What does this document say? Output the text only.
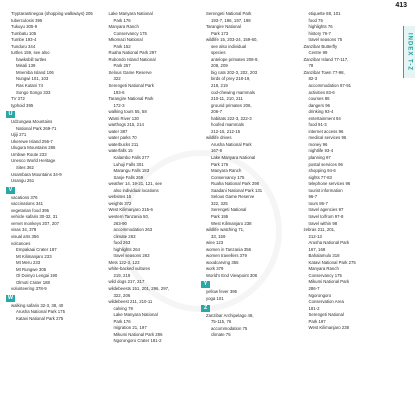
413
INDEX T-Z
Tryptarantinegoa (shopping walkways) 205
tuberculosis 395
Tukuyu 305-9
Tumbatu 105
Tumbe 193-4
Tunduru 344
turtles 159, see also
hawksbill turtles
Misali 139
Mnemba Island 106
Nungwi 101, 103
Ras Kutani 74
Songo Songo 333
TV 372
typhoid 395
U
Udzungwa Mountains
National Park 269-71
Ujiji 271
Ukerewe Island 256-7
Ulugura Mountains 286
Umbwe Route 233
Unesco World Heritage
Sites 362
Usambara Mountains 34-9
Usangu 251
V
vacations 376
vaccinations 341
vegetarian food 395
vehicle safaris 30-32, 31
vervet monkeys 207, 207
visas 34, 378
visual arts 356
volcanoes
Empakaai Crater 187
Mt Kilimanjaro 233
Mt Meru 233
Mt Rungwe 305
Ol Doinyo Lengai 190
Olmoti Crater 188
volunteering 378-9
W
walking safaris 32-3, 38, 40
Arusha National Park 175
Katavi National Park 275
Lake Manyara National
Park 176
Manyara Ranch
Conservancy 175
Mkomazi National
Park 152
Ruaha National Park 297
Rubondo Island National
Park 257
Selous Game Reserve
322
Serengeti National Park
193-6
Tarangire National Park
172-3
walking tours 55, 58
Wami River 130
warthogs 215, 214
water 387
water parks 70
waterbucks 211
waterfalls 15
Kalambo Falls 277
Luhuji Falls 301
Marangu Falls 183
Sanje Falls 269
weather 14, 19-21, 121, see
also individual locations
websites 15
weights 372
West Kilimanjaro 215-6
western Tanzania 50,
263-90
accommodation 263
climate 263
food 263
highlights 264
travel seasons 263
Mets 122-3, 123
white-backed vultures
219, 219
wild dogs 217, 217
wildebeests 151, 201, 296, 297,
322, 206
wildebeest 211, 210-11
calving 79
Lake Manyara National
Park 176
migration 21, 197
Mikumi National Park 286
Ngorongoro Crater 181-2
Serengeti National Park
193-7, 196, 197, 198
Tarangire National
Park 173
wildlife 15, 203-24, 159-60,
see also individual
species
antelope primates 208-9,
208, 209
big cats 202-3, 202, 203
birds of prey 218-19,
218, 219
cud-chewing mammals
210-11, 210, 211
ground primates 206,
206-7
habitats 222-3, 222-3
hoofed mammals
212-15, 212-15
wildlife drives
Arusha National Park
167-8
Lake Manyara National
Park 176
Manyara Ranch
Conservancy 175
Ruaha National Park 298
Saadani National Park 131
Selous Game Reserve
322, 325
Serengeti National
Park 195
West Kilimanjaro 238
wildlife watching 71,
33, 159
wine 123
women in Tanzania 356
women travellers 379
woodcarving 355
work 379
World's End Viewpoint 308
Y
yellow fever 395
yoga 101
Z
Zanzibar Archipelago 48,
75-115, 76
accommodation 75
climate 75
etiquette 88, 101
food 75
highlights 76
history 76-7
travel seasons 75
Zanzibar Butterfly
Centre 99
Zanzibar Island 77-117,
78
Zanzibar Town 77-98,
82-3
accommodation 87-91
activities 83-6
courses 86
dangers 96
drinking 93-4
entertainment 94
food 91-3
internet access 96
medical services 96
money 96
nightlife 93-4
planning 97
postal services 96
shopping 94-6
sights 77-83
telephone services 96
tourist information
96-7
tours 86-7
travel agencies 97
travel to/from 97-8
travel within 98
zebras 211, 201,
212-13
Arusha National Park
167, 168
Bahalamulo 318
Katavi National Park 275
Manyara Ranch
Conservancy 175
Mikumi National Park
286-7
Ngorongoro
Conservation Area
181-2
Serengeti National
Park 197
West Kilimanjaro 238
